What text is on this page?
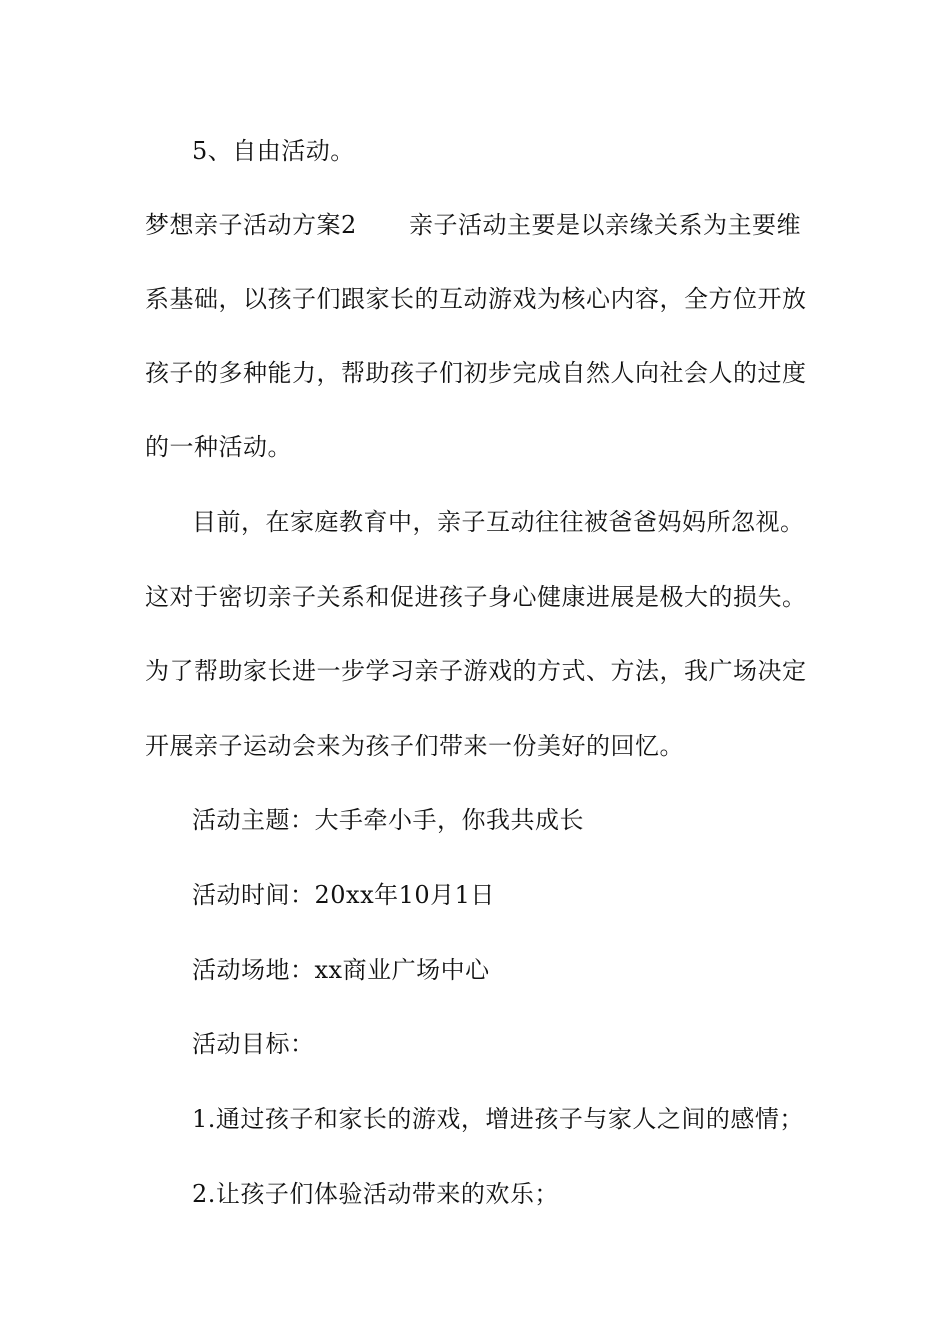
5、自由活动。
梦想亲子活动方案2 亲子活动主要是以亲缘关系为主要维
系基础，以孩子们跟家长的互动游戏为核心内容，全方位开放
孩子的多种能力，帮助孩子们初步完成自然人向社会人的过度
的一种活动。
目前，在家庭教育中，亲子互动往往被爸爸妈妈所忽视。
这对于密切亲子关系和促进孩子身心健康进展是极大的损失。
为了帮助家长进一步学习亲子游戏的方式、方法，我广场决定
开展亲子运动会来为孩子们带来一份美好的回忆。
活动主题：大手牵小手，你我共成长
活动时间：20xx年10月1日
活动场地：xx商业广场中心
活动目标：
1.通过孩子和家长的游戏，增进孩子与家人之间的感情；
2.让孩子们体验活动带来的欢乐；
